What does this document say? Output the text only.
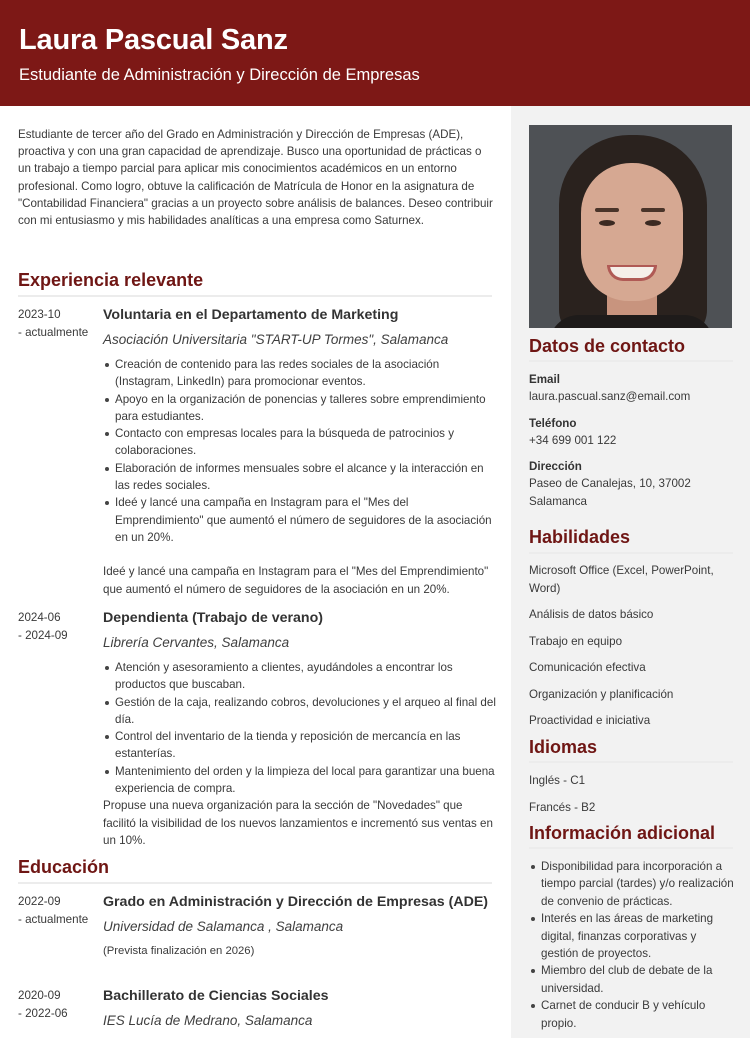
Laura Pascual Sanz
Estudiante de Administración y Dirección de Empresas

Estudiante de tercer año del Grado en Administración y Dirección de Empresas (ADE), proactiva y con una gran capacidad de aprendizaje. Busco una oportunidad de prácticas o un trabajo a tiempo parcial para aplicar mis conocimientos académicos en un entorno profesional. Como logro, obtuve la calificación de Matrícula de Honor en la asignatura de "Contabilidad Financiera" gracias a un proyecto sobre análisis de balances. Deseo contribuir con mi entusiasmo y mis habilidades analíticas a una empresa como Saturnex.

Experiencia relevante
2023-10
- actualmente
Voluntaria en el Departamento de Marketing
Asociación Universitaria "START-UP Tormes", Salamanca
Creación de contenido para las redes sociales de la asociación (Instagram, LinkedIn) para promocionar eventos.
Apoyo en la organización de ponencias y talleres sobre emprendimiento para estudiantes.
Contacto con empresas locales para la búsqueda de patrocinios y colaboraciones.
Elaboración de informes mensuales sobre el alcance y la interacción en las redes sociales.
Ideé y lancé una campaña en Instagram para el "Mes del Emprendimiento" que aumentó el número de seguidores de la asociación en un 20%.
Ideé y lancé una campaña en Instagram para el "Mes del Emprendimiento" que aumentó el número de seguidores de la asociación en un 20%.
2024-06
- 2024-09
Dependienta (Trabajo de verano)
Librería Cervantes, Salamanca
Atención y asesoramiento a clientes, ayudándoles a encontrar los productos que buscaban.
Gestión de la caja, realizando cobros, devoluciones y el arqueo al final del día.
Control del inventario de la tienda y reposición de mercancía en las estanterías.
Mantenimiento del orden y la limpieza del local para garantizar una buena experiencia de compra.
Propuse una nueva organización para la sección de "Novedades" que facilitó la visibilidad de los nuevos lanzamientos e incrementó sus ventas en un 10%.
Educación
2022-09
- actualmente
Grado en Administración y Dirección de Empresas (ADE)
Universidad de Salamanca , Salamanca
(Prevista finalización en 2026)
2020-09
- 2022-06
Bachillerato de Ciencias Sociales
IES Lucía de Medrano, Salamanca
Datos de contacto
Email
laura.pascual.sanz@email.com
Teléfono
+34 699 001 122
Dirección
Paseo de Canalejas, 10, 37002 Salamanca
Habilidades
Microsoft Office (Excel, PowerPoint, Word)
Análisis de datos básico
Trabajo en equipo
Comunicación efectiva
Organización y planificación
Proactividad e iniciativa
Idiomas
Inglés - C1
Francés - B2
Información adicional
Disponibilidad para incorporación a tiempo parcial (tardes) y/o realización de convenio de prácticas.
Interés en las áreas de marketing digital, finanzas corporativas y gestión de proyectos.
Miembro del club de debate de la universidad.
Carnet de conducir B y vehículo propio.
